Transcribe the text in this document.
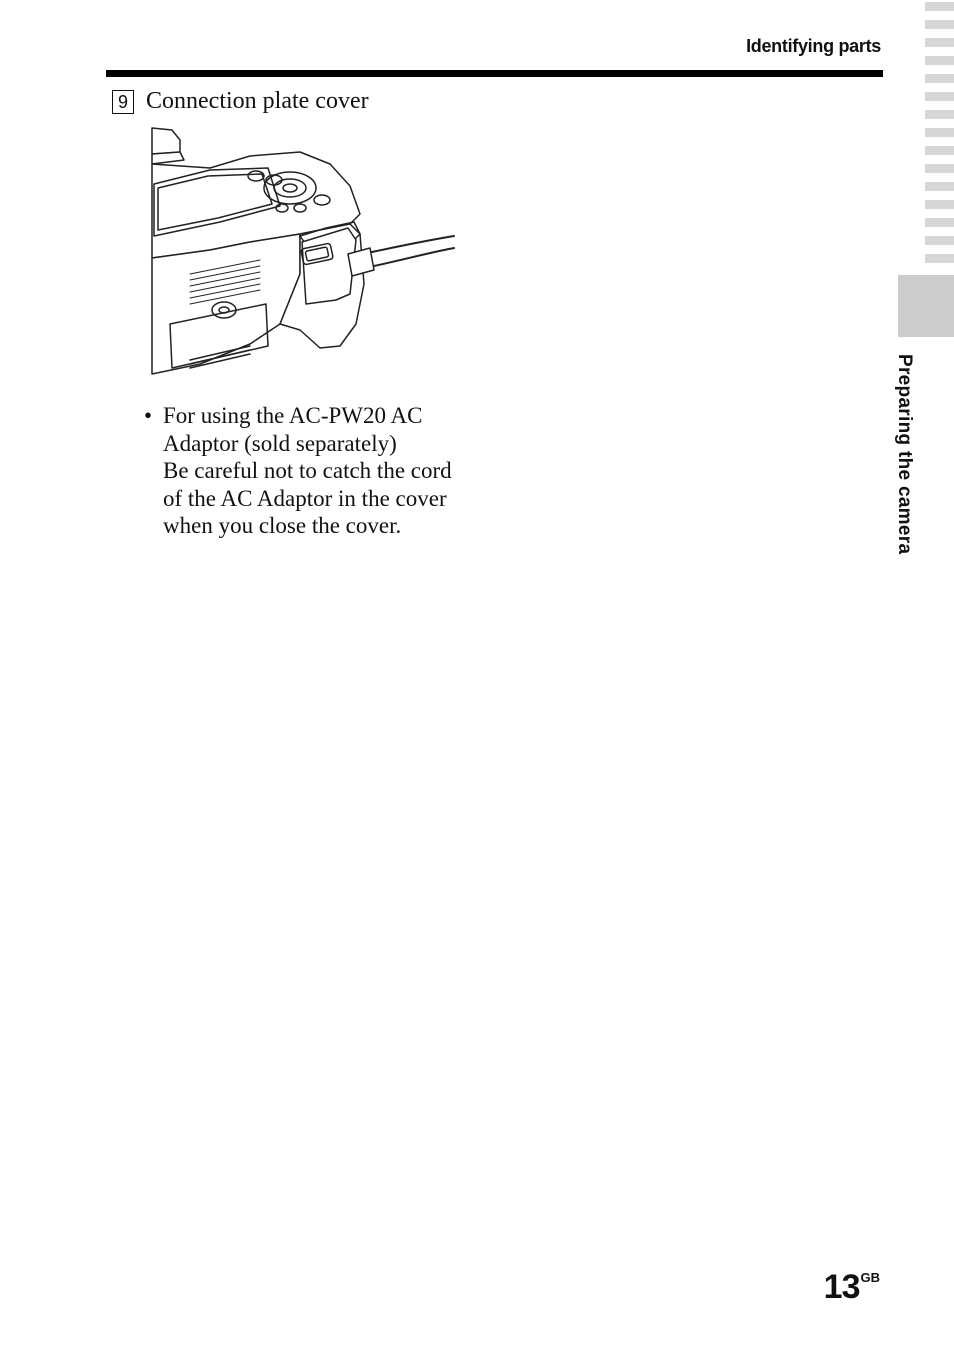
Identifying parts
9 Connection plate cover
• For using the AC-PW20 AC

Adaptor (sold separately)

Be careful not to catch the cord

of the AC Adaptor in the cover

when you close the cover.	Preparing the camera
$13^{GB}$
